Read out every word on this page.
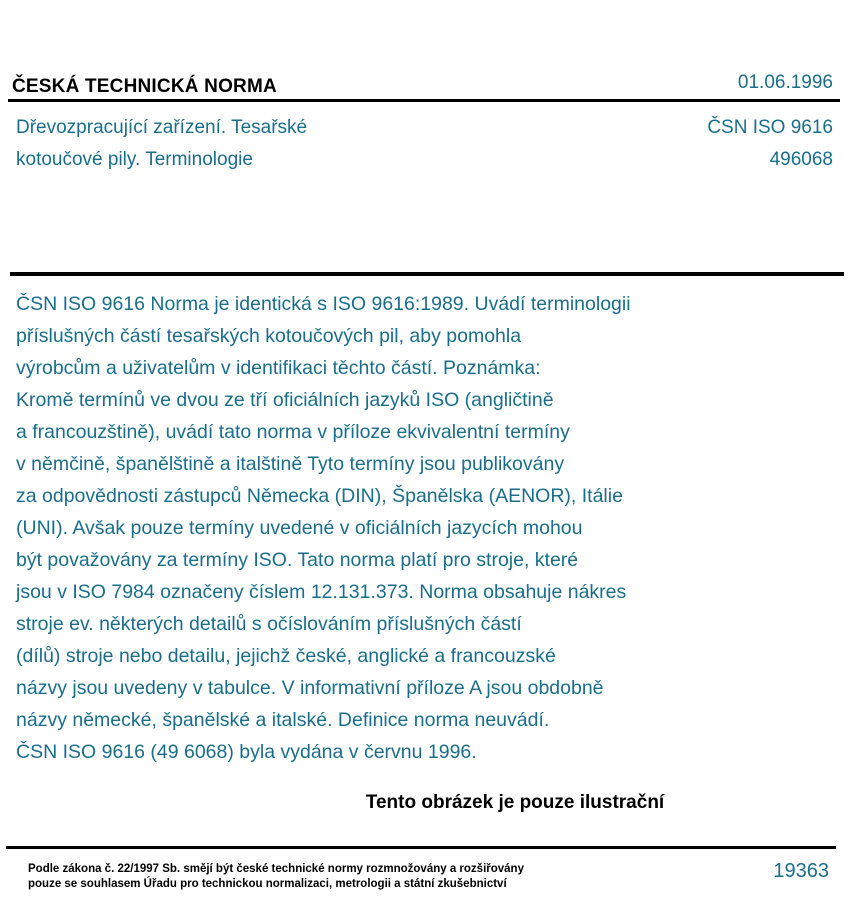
ČESKÁ TECHNICKÁ NORMA	01.06.1996
Dřevozpracující zařízení. Tesařské
kotoučové pily. Terminologie
ČSN ISO 9616
496068
ČSN ISO 9616 Norma je identická s ISO 9616:1989. Uvádí terminologii
příslušných částí tesařských kotoučových pil, aby pomohla
výrobcům a uživatelům v identifikaci těchto částí. Poznámka:
Kromě termínů ve dvou ze tří oficiálních jazyků ISO (angličtině
a francouzštině), uvádí tato norma v příloze ekvivalentní termíny
v němčině, španělštině a italštině Tyto termíny jsou publikovány
za odpovědnosti zástupců Německa (DIN), Španělska (AENOR), Itálie
(UNI). Avšak pouze termíny uvedené v oficiálních jazycích mohou
být považovány za termíny ISO. Tato norma platí pro stroje, které
jsou v ISO 7984 označeny číslem 12.131.373. Norma obsahuje nákres
stroje ev. některých detailů s očíslováním příslušných částí
(dílů) stroje nebo detailu, jejichž české, anglické a francouzské
názvy jsou uvedeny v tabulce. V informativní příloze A jsou obdobně
názvy německé, španělské a italské. Definice norma neuvádí.
ČSN ISO 9616 (49 6068) byla vydána v červnu 1996.
Tento obrázek je pouze ilustrační
Podle zákona č. 22/1997 Sb. smějí být české technické normy rozmnožovány a rozšiřovány
pouze se souhlasem Úřadu pro technickou normalizaci, metrologii a státní zkušebnictví
19363
